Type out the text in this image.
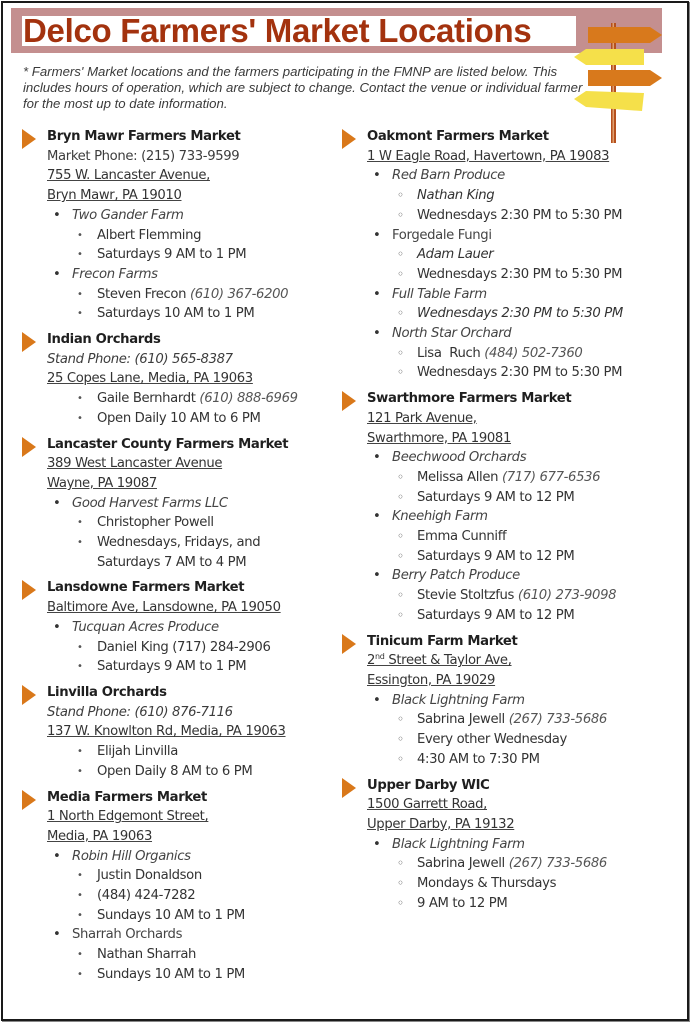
Delco Farmers' Market Locations
* Farmers' Market locations and the farmers participating in the FMNP are listed below. This includes hours of operation, which are subject to change. Contact the venue or individual farmer for the most up to date information.
Bryn Mawr Farmers Market
Market Phone: (215) 733-9599
755 W. Lancaster Avenue,
Bryn Mawr, PA 19010
• Two Gander Farm
• Albert Flemming
• Saturdays 9 AM to 1 PM
• Frecon Farms
• Steven Frecon (610) 367-6200
• Saturdays 10 AM to 1 PM
Indian Orchards
Stand Phone: (610) 565-8387
25 Copes Lane, Media, PA 19063
• Gaile Bernhardt (610) 888-6969
• Open Daily 10 AM to 6 PM
Lancaster County Farmers Market
389 West Lancaster Avenue
Wayne, PA 19087
• Good Harvest Farms LLC
• Christopher Powell
• Wednesdays, Fridays, and
Saturdays 7 AM to 4 PM
Lansdowne Farmers Market
Baltimore Ave, Lansdowne, PA 19050
• Tucquan Acres Produce
• Daniel King (717) 284-2906
• Saturdays 9 AM to 1 PM
Linvilla Orchards
Stand Phone: (610) 876-7116
137 W. Knowlton Rd, Media, PA 19063
• Elijah Linvilla
• Open Daily 8 AM to 6 PM
Media Farmers Market
1 North Edgemont Street,
Media, PA 19063
• Robin Hill Organics
• Justin Donaldson
• (484) 424-7282
• Sundays 10 AM to 1 PM
• Sharrah Orchards
• Nathan Sharrah
• Sundays 10 AM to 1 PM
Oakmont Farmers Market
1 W Eagle Road, Havertown, PA 19083
• Red Barn Produce
◦ Nathan King
◦ Wednesdays 2:30 PM to 5:30 PM
• Forgedale Fungi
◦ Adam Lauer
◦ Wednesdays 2:30 PM to 5:30 PM
• Full Table Farm
◦ Wednesdays 2:30 PM to 5:30 PM
• North Star Orchard
◦ Lisa  Ruch (484) 502-7360
◦ Wednesdays 2:30 PM to 5:30 PM
Swarthmore Farmers Market
121 Park Avenue,
Swarthmore, PA 19081
• Beechwood Orchards
◦ Melissa Allen (717) 677-6536
◦ Saturdays 9 AM to 12 PM
• Kneehigh Farm
◦ Emma Cunniff
◦ Saturdays 9 AM to 12 PM
• Berry Patch Produce
◦ Stevie Stoltzfus (610) 273-9098
◦ Saturdays 9 AM to 12 PM
Tinicum Farm Market
2nd Street & Taylor Ave,
Essington, PA 19029
• Black Lightning Farm
◦ Sabrina Jewell (267) 733-5686
◦ Every other Wednesday
◦ 4:30 AM to 7:30 PM
Upper Darby WIC
1500 Garrett Road,
Upper Darby, PA 19132
• Black Lightning Farm
◦ Sabrina Jewell (267) 733-5686
◦ Mondays & Thursdays
◦ 9 AM to 12 PM
